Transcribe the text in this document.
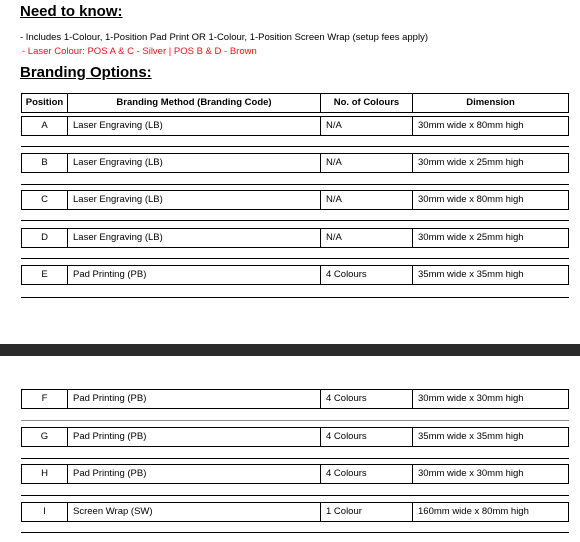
Need to know:
- Includes 1-Colour, 1-Position Pad Print OR 1-Colour, 1-Position Screen Wrap (setup fees apply)
- Laser Colour: POS A & C - Silver | POS B & D - Brown
Branding Options:
Position	Branding Method (Branding Code)	No. of Colours	Dimension
A	Laser Engraving (LB)	N/A	30mm wide x 80mm high
B	Laser Engraving (LB)	N/A	30mm wide x 25mm high
C	Laser Engraving (LB)	N/A	30mm wide x 80mm high
D	Laser Engraving (LB)	N/A	30mm wide x 25mm high
E	Pad Printing (PB)	4 Colours	35mm wide x 35mm high
F	Pad Printing (PB)	4 Colours	30mm wide x 30mm high
G	Pad Printing (PB)	4 Colours	35mm wide x 35mm high
H	Pad Printing (PB)	4 Colours	30mm wide x 30mm high
I	Screen Wrap (SW)	1 Colour	160mm wide x 80mm high
